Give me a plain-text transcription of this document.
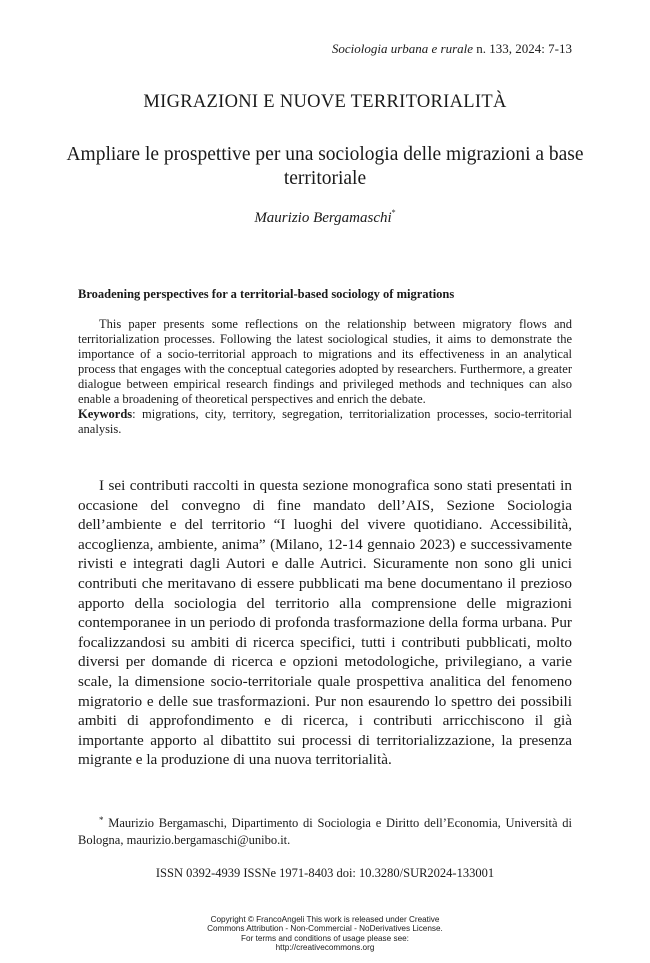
Sociologia urbana e rurale n. 133, 2024: 7-13
MIGRAZIONI E NUOVE TERRITORIALITÀ
Ampliare le prospettive per una sociologia delle migrazioni a base territoriale
Maurizio Bergamaschi*
Broadening perspectives for a territorial-based sociology of migrations

This paper presents some reflections on the relationship between migratory flows and territorialization processes. Following the latest sociological studies, it aims to demonstrate the importance of a socio-territorial approach to migrations and its effectiveness in an analytical process that engages with the conceptual categories adopted by researchers. Furthermore, a greater dialogue between empirical research findings and privileged methods and techniques can also enable a broadening of theoretical perspectives and enrich the debate.

Keywords: migrations, city, territory, segregation, territorialization processes, socio-territorial analysis.

I sei contributi raccolti in questa sezione monografica sono stati presentati in occasione del convegno di fine mandato dell’AIS, Sezione Sociologia dell’ambiente e del territorio “I luoghi del vivere quotidiano. Accessibilità, accoglienza, ambiente, anima” (Milano, 12-14 gennaio 2023) e successivamente rivisti e integrati dagli Autori e dalle Autrici. Sicuramente non sono gli unici contributi che meritavano di essere pubblicati ma bene documentano il prezioso apporto della sociologia del territorio alla comprensione delle migrazioni contemporanee in un periodo di profonda trasformazione della forma urbana. Pur focalizzandosi su ambiti di ricerca specifici, tutti i contributi pubblicati, molto diversi per domande di ricerca e opzioni metodologiche, privilegiano, a varie scale, la dimensione socio-territoriale quale prospettiva analitica del fenomeno migratorio e delle sue trasformazioni. Pur non esaurendo lo spettro dei possibili ambiti di approfondimento e di ricerca, i contributi arricchiscono il già importante apporto al dibattito sui processi di territorializzazione, la presenza migrante e la produzione di una nuova territorialità.

* Maurizio Bergamaschi, Dipartimento di Sociologia e Diritto dell’Economia, Università di Bologna, maurizio.bergamaschi@unibo.it.

ISSN 0392-4939 ISSNe 1971-8403 doi: 10.3280/SUR2024-133001
Copyright © FrancoAngeli This work is released under Creative
Commons Attribution - Non-Commercial - NoDerivatives License.
For terms and conditions of usage please see:
http://creativecommons.org
